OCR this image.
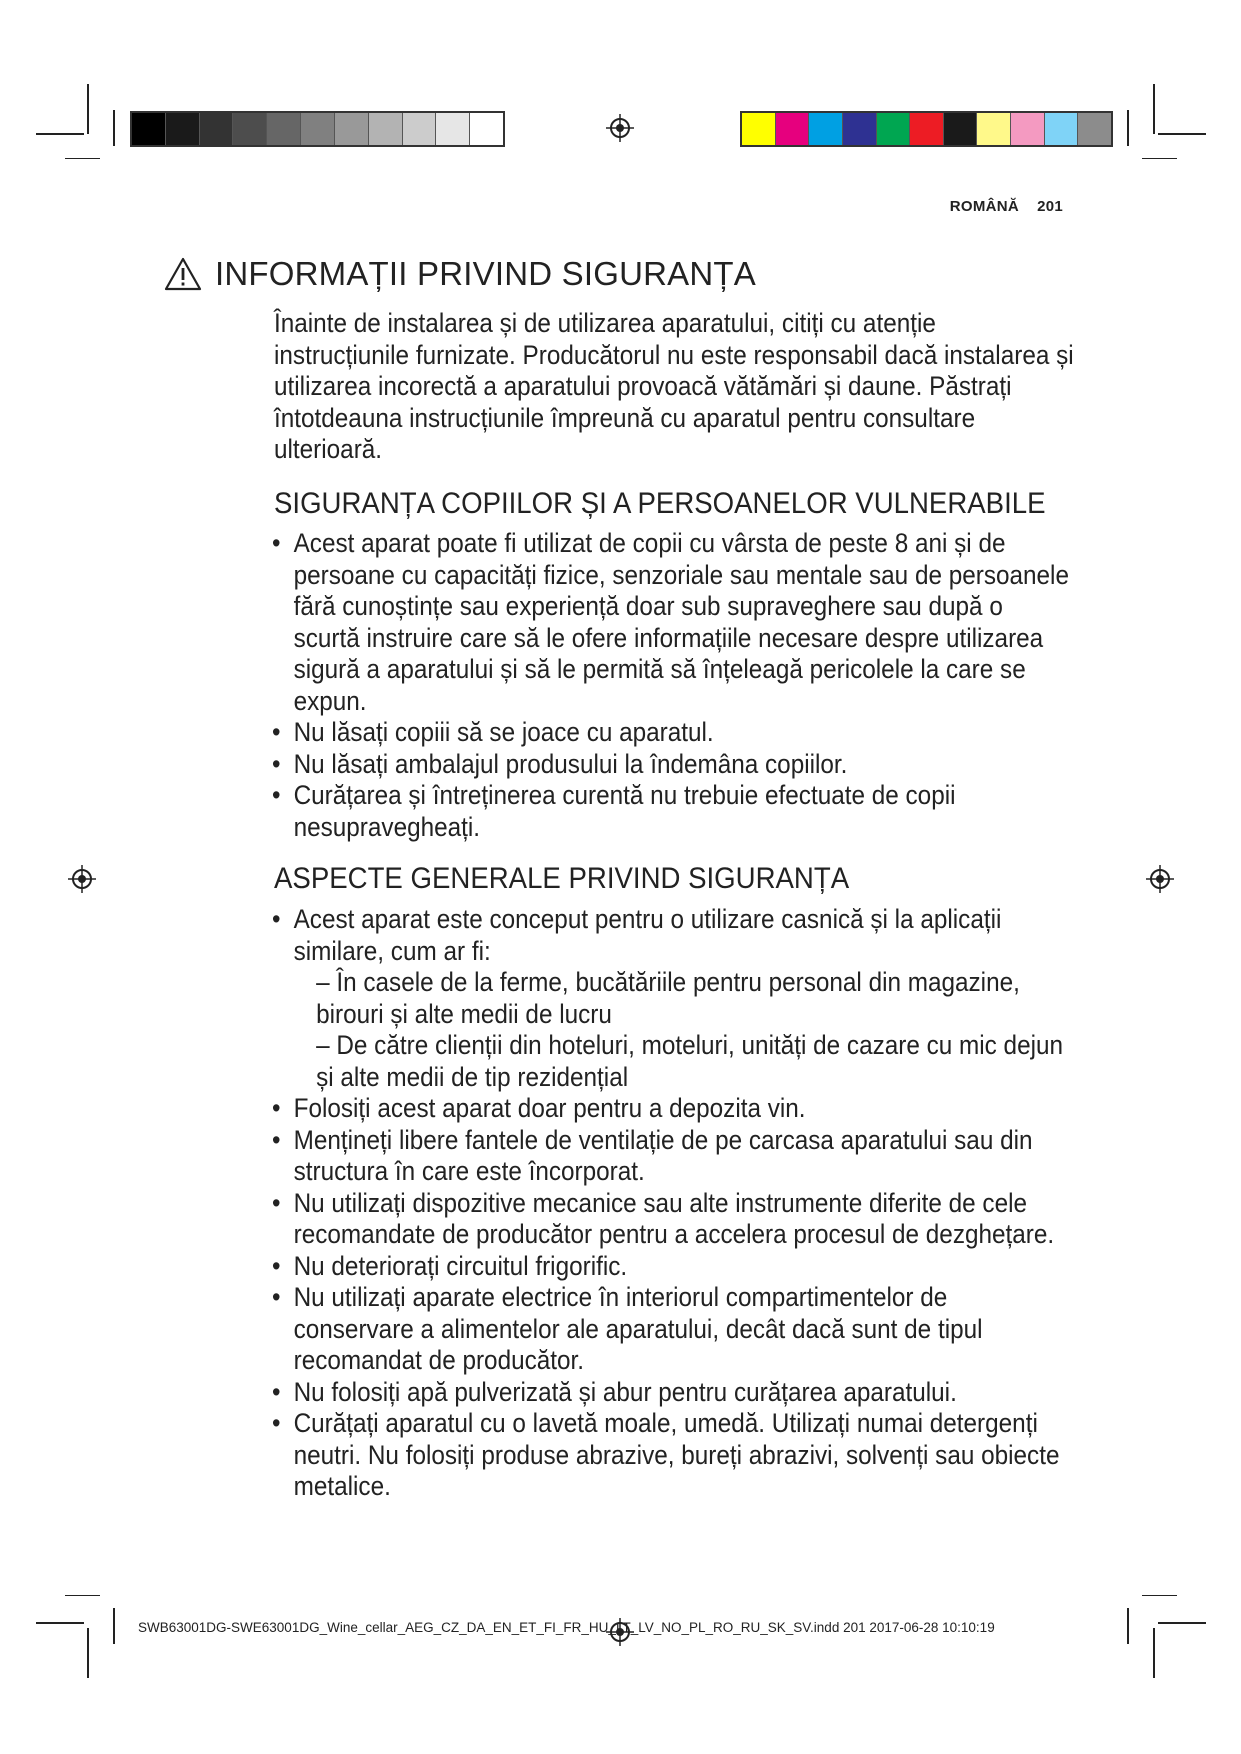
ROMÂNĂ 201
INFORMAȚII PRIVIND SIGURANȚA
Înainte de instalarea și de utilizarea aparatului, citiți cu atenție instrucțiunile furnizate. Producătorul nu este responsabil dacă instalarea și utilizarea incorectă a aparatului provoacă vătămări și daune. Păstrați întotdeauna instrucțiunile împreună cu aparatul pentru consultare ulterioară.
SIGURANȚA COPIILOR ȘI A PERSOANELOR VULNERABILE
• Acest aparat poate fi utilizat de copii cu vârsta de peste 8 ani și de persoane cu capacități fizice, senzoriale sau mentale sau de persoanele fără cunoștințe sau experiență doar sub supraveghere sau după o scurtă instruire care să le ofere informațiile necesare despre utilizarea sigură a aparatului și să le permită să înțeleagă pericolele la care se expun.
• Nu lăsați copiii să se joace cu aparatul.
• Nu lăsați ambalajul produsului la îndemâna copiilor.
• Curățarea și întreținerea curentă nu trebuie efectuate de copii nesupravegheați.
ASPECTE GENERALE PRIVIND SIGURANȚA
• Acest aparat este conceput pentru o utilizare casnică și la aplicații similare, cum ar fi:
– În casele de la ferme, bucătăriile pentru personal din magazine, birouri și alte medii de lucru
– De către clienții din hoteluri, moteluri, unități de cazare cu mic dejun și alte medii de tip rezidențial
• Folosiți acest aparat doar pentru a depozita vin.
• Mențineți libere fantele de ventilație de pe carcasa aparatului sau din structura în care este încorporat.
• Nu utilizați dispozitive mecanice sau alte instrumente diferite de cele recomandate de producător pentru a accelera procesul de dezghețare.
• Nu deteriorați circuitul frigorific.
• Nu utilizați aparate electrice în interiorul compartimentelor de conservare a alimentelor ale aparatului, decât dacă sunt de tipul recomandat de producător.
• Nu folosiți apă pulverizată și abur pentru curățarea aparatului.
• Curățați aparatul cu o lavetă moale, umedă. Utilizați numai detergenți neutri. Nu folosiți produse abrazive, bureți abrazivi, solvenți sau obiecte metalice.
SWB63001DG-SWE63001DG_Wine_cellar_AEG_CZ_DA_EN_ET_FI_FR_HU_LT_LV_NO_PL_RO_RU_SK_SV.indd 201 2017-06-28 10:10:19
